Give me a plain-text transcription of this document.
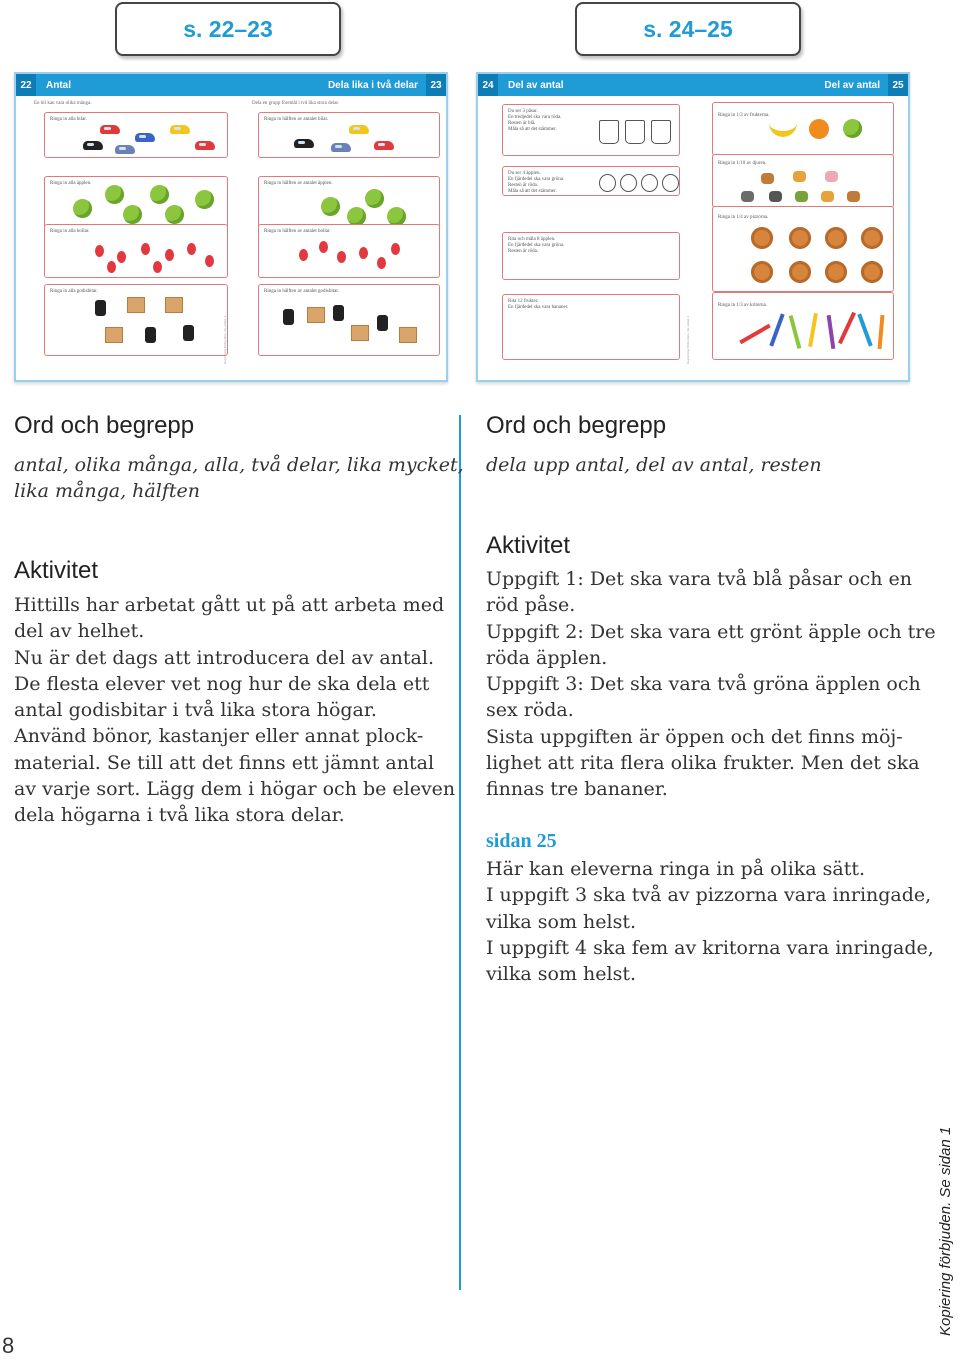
s. 22–23	s. 24–25
22	Antal	Dela lika i två delar	23
En bil kan vara olika många.	Dela en grupp föremål i två lika stora delar.
Ringa in alla bilar.
Ringa in alla äpplen.
Ringa in alla bollar.
Ringa in alla godisbitar.
Kopiering förbjuden. Se sidan 1
Ringa in hälften av antalet bilar.
Ringa in hälften av antalet äpplen.
Ringa in hälften av antalet bollar.
Ringa in hälften av antalet godisbitar.
24	Del av antal	Del av antal	25
Du ser 3 påsar.
En tredjedel ska vara röda.
Resten är blå.
Måla så att det stämmer.
Du ser 4 äpplen.
En fjärdedel ska vara gröna.
Resten är röda.
Måla så att det stämmer.
Rita och måla 8 äpplen.
En fjärdedel ska vara gröna.
Resten är röda.
Rita 12 frukter.
En fjärdedel ska vara bananer.
Kopiering förbjuden. Se sidan 1
Ringa in 1/3 av frukterna.
Ringa in 1/10 av djuren.
Ringa in 1/4 av pizzorna.
Ringa in 1/3 av kritorna.
Ord och begrepp
antal, olika många, alla, två delar, lika mycket,
lika många, hälften
Aktivitet
Hittills har arbetat gått ut på att arbeta med
del av helhet.
Nu är det dags att introducera del av antal.
De flesta elever vet nog hur de ska dela ett
antal godisbitar i två lika stora högar.
Använd bönor, kastanjer eller annat plock-
material. Se till att det finns ett jämnt antal
av varje sort. Lägg dem i högar och be eleven
dela högarna i två lika stora delar.
Ord och begrepp
dela upp antal, del av antal, resten
Aktivitet
Uppgift 1: Det ska vara två blå påsar och en
röd påse.
Uppgift 2: Det ska vara ett grönt äpple och tre
röda äpplen.
Uppgift 3: Det ska vara två gröna äpplen och
sex röda.
Sista uppgiften är öppen och det finns möj-
lighet att rita flera olika frukter. Men det ska
finnas tre bananer.
sidan 25
Här kan eleverna ringa in på olika sätt.
I uppgift 3 ska två av pizzorna vara inringade,
vilka som helst.
I uppgift 4 ska fem av kritorna vara inringade,
vilka som helst.
8
Kopiering förbjuden. Se sidan 1
